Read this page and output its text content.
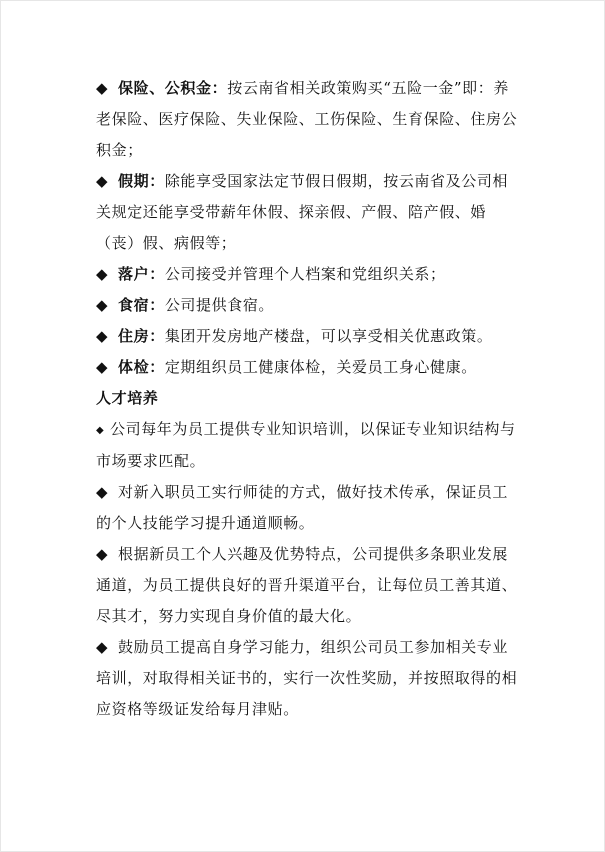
◆ 保险、公积金：按云南省相关政策购买“五险一金”即：养老保险、医疗保险、失业保险、工伤保险、生育保险、住房公积金；

◆ 假期：除能享受国家法定节假日假期，按云南省及公司相关规定还能享受带薪年休假、探亲假、产假、陪产假、婚（丧）假、病假等；

◆ 落户：公司接受并管理个人档案和党组织关系；

◆ 食宿：公司提供食宿。

◆ 住房：集团开发房地产楼盘，可以享受相关优惠政策。

◆ 体检：定期组织员工健康体检，关爱员工身心健康。

人才培养

◆ 公司每年为员工提供专业知识培训，以保证专业知识结构与市场要求匹配。

◆ 对新入职员工实行师徒的方式，做好技术传承，保证员工的个人技能学习提升通道顺畅。

◆ 根据新员工个人兴趣及优势特点，公司提供多条职业发展通道，为员工提供良好的晋升渠道平台，让每位员工善其道、尽其才，努力实现自身价值的最大化。

◆ 鼓励员工提高自身学习能力，组织公司员工参加相关专业培训，对取得相关证书的，实行一次性奖励，并按照取得的相应资格等级证发给每月津贴。
